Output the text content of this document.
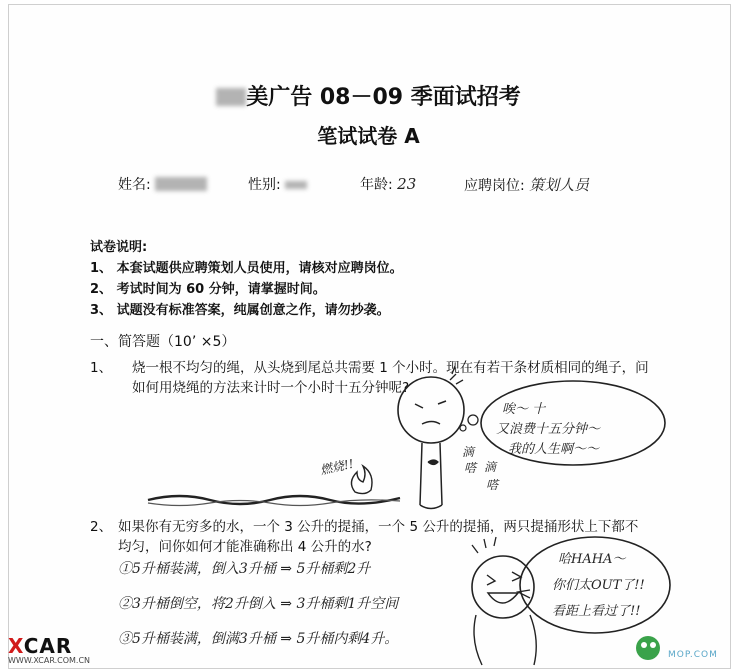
美广告 08－09 季面试招考
笔试试卷 A
姓名:	性别:	年龄: 23	应聘岗位: 策划人员
试卷说明:
1、 本套试题供应聘策划人员使用，请核对应聘岗位。
2、 考试时间为 60 分钟，请掌握时间。
3、 试题没有标准答案，纯属创意之作，请勿抄袭。
一、简答题（10’ ×5）
1、 烧一根不均匀的绳，从头烧到尾总共需要 1 个小时。现在有若干条材质相同的绳子，问
如何用烧绳的方法来计时一个小时十五分钟呢?
唉～ 十
又浪费十五分钟～
我的人生啊～～
滴
嗒 滴
嗒
燃烧!!
2、 如果你有无穷多的水，一个 3 公升的提捅，一个 5 公升的提捅，两只提捅形状上下都不
均匀，问你如何才能准确称出 4 公升的水?
①5升桶装满，倒入3升桶 ⇒ 5升桶剩2升
②3升桶倒空，将2升倒入 ⇒ 3升桶剩1升空间
③5升桶装满，倒满3升桶 ⇒ 5升桶内剩4升。
哈HAHA～
你们太OUT了!!
看距上看过了!!
XCAR
WWW.XCAR.COM.CN
MOP.COM
